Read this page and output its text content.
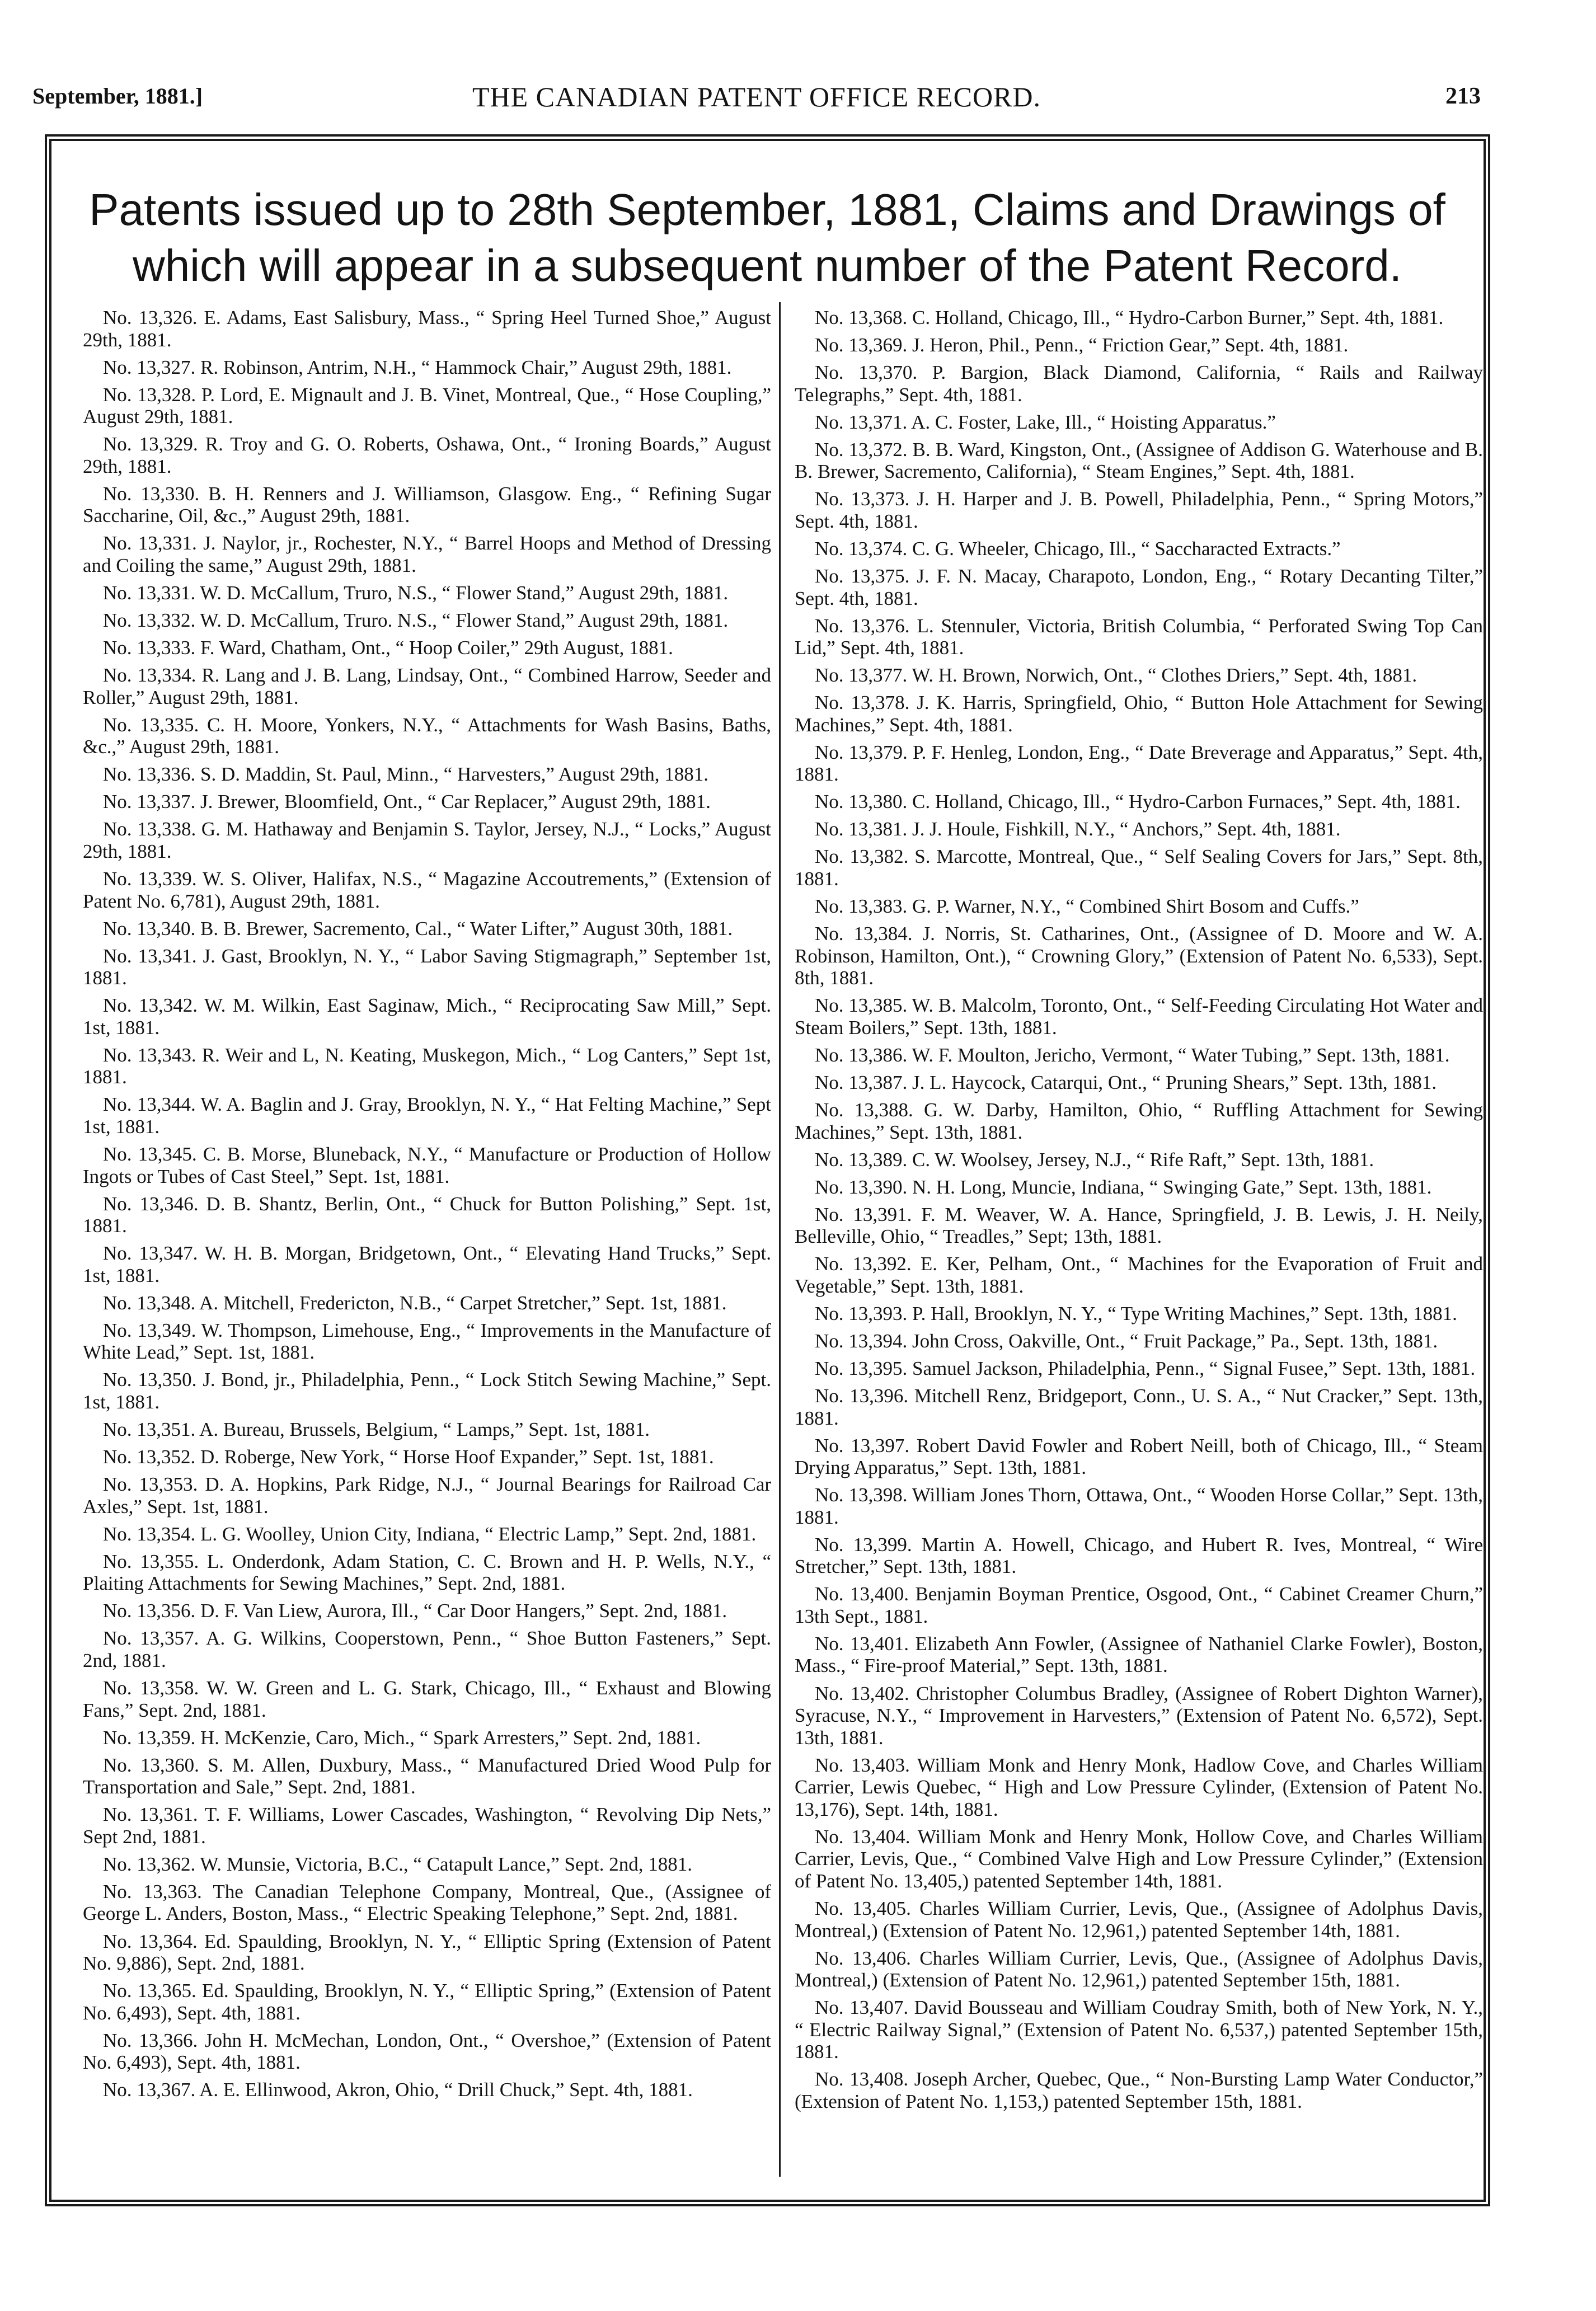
September, 1881.]	THE CANADIAN PATENT OFFICE RECORD.	213
Patents issued up to 28th September, 1881, Claims and Drawings of
which will appear in a subsequent number of the Patent Record.

No. 13,326. E. Adams, East Salisbury, Mass., “ Spring Heel Turned Shoe,” August 29th, 1881.

No. 13,327. R. Robinson, Antrim, N.H., “ Hammock Chair,” August 29th, 1881.

No. 13,328. P. Lord, E. Mignault and J. B. Vinet, Montreal, Que., “ Hose Coupling,” August 29th, 1881.

No. 13,329. R. Troy and G. O. Roberts, Oshawa, Ont., “ Ironing Boards,” August 29th, 1881.

No. 13,330. B. H. Renners and J. Williamson, Glasgow. Eng., “ Refining Sugar Saccharine, Oil, &c.,” August 29th, 1881.

No. 13,331. J. Naylor, jr., Rochester, N.Y., “ Barrel Hoops and Method of Dressing and Coiling the same,” August 29th, 1881.

No. 13,331. W. D. McCallum, Truro, N.S., “ Flower Stand,” August 29th, 1881.

No. 13,332. W. D. McCallum, Truro. N.S., “ Flower Stand,” August 29th, 1881.

No. 13,333. F. Ward, Chatham, Ont., “ Hoop Coiler,” 29th August, 1881.

No. 13,334. R. Lang and J. B. Lang, Lindsay, Ont., “ Combined Harrow, Seeder and Roller,” August 29th, 1881.

No. 13,335. C. H. Moore, Yonkers, N.Y., “ Attachments for Wash Basins, Baths, &c.,” August 29th, 1881.

No. 13,336. S. D. Maddin, St. Paul, Minn., “ Harvesters,” August 29th, 1881.

No. 13,337. J. Brewer, Bloomfield, Ont., “ Car Replacer,” August 29th, 1881.

No. 13,338. G. M. Hathaway and Benjamin S. Taylor, Jersey, N.J., “ Locks,” August 29th, 1881.

No. 13,339. W. S. Oliver, Halifax, N.S., “ Magazine Accoutrements,” (Extension of Patent No. 6,781), August 29th, 1881.

No. 13,340. B. B. Brewer, Sacremento, Cal., “ Water Lifter,” August 30th, 1881.

No. 13,341. J. Gast, Brooklyn, N. Y., “ Labor Saving Stigmagraph,” September 1st, 1881.

No. 13,342. W. M. Wilkin, East Saginaw, Mich., “ Reciprocating Saw Mill,” Sept. 1st, 1881.

No. 13,343. R. Weir and L, N. Keating, Muskegon, Mich., “ Log Canters,” Sept 1st, 1881.

No. 13,344. W. A. Baglin and J. Gray, Brooklyn, N. Y., “ Hat Felting Machine,” Sept 1st, 1881.

No. 13,345. C. B. Morse, Bluneback, N.Y., “ Manufacture or Production of Hollow Ingots or Tubes of Cast Steel,” Sept. 1st, 1881.

No. 13,346. D. B. Shantz, Berlin, Ont., “ Chuck for Button Polishing,” Sept. 1st, 1881.

No. 13,347. W. H. B. Morgan, Bridgetown, Ont., “ Elevating Hand Trucks,” Sept. 1st, 1881.

No. 13,348. A. Mitchell, Fredericton, N.B., “ Carpet Stretcher,” Sept. 1st, 1881.

No. 13,349. W. Thompson, Limehouse, Eng., “ Improvements in the Manufacture of White Lead,” Sept. 1st, 1881.

No. 13,350. J. Bond, jr., Philadelphia, Penn., “ Lock Stitch Sewing Machine,” Sept. 1st, 1881.

No. 13,351. A. Bureau, Brussels, Belgium, “ Lamps,” Sept. 1st, 1881.

No. 13,352. D. Roberge, New York, “ Horse Hoof Expander,” Sept. 1st, 1881.

No. 13,353. D. A. Hopkins, Park Ridge, N.J., “ Journal Bearings for Railroad Car Axles,” Sept. 1st, 1881.

No. 13,354. L. G. Woolley, Union City, Indiana, “ Electric Lamp,” Sept. 2nd, 1881.

No. 13,355. L. Onderdonk, Adam Station, C. C. Brown and H. P. Wells, N.Y., “ Plaiting Attachments for Sewing Machines,” Sept. 2nd, 1881.

No. 13,356. D. F. Van Liew, Aurora, Ill., “ Car Door Hangers,” Sept. 2nd, 1881.

No. 13,357. A. G. Wilkins, Cooperstown, Penn., “ Shoe Button Fasteners,” Sept. 2nd, 1881.

No. 13,358. W. W. Green and L. G. Stark, Chicago, Ill., “ Exhaust and Blowing Fans,” Sept. 2nd, 1881.

No. 13,359. H. McKenzie, Caro, Mich., “ Spark Arresters,” Sept. 2nd, 1881.

No. 13,360. S. M. Allen, Duxbury, Mass., “ Manufactured Dried Wood Pulp for Transportation and Sale,” Sept. 2nd, 1881.

No. 13,361. T. F. Williams, Lower Cascades, Washington, “ Revolving Dip Nets,” Sept 2nd, 1881.

No. 13,362. W. Munsie, Victoria, B.C., “ Catapult Lance,” Sept. 2nd, 1881.

No. 13,363. The Canadian Telephone Company, Montreal, Que., (Assignee of George L. Anders, Boston, Mass., “ Electric Speaking Telephone,” Sept. 2nd, 1881.

No. 13,364. Ed. Spaulding, Brooklyn, N. Y., “ Elliptic Spring (Extension of Patent No. 9,886), Sept. 2nd, 1881.

No. 13,365. Ed. Spaulding, Brooklyn, N. Y., “ Elliptic Spring,” (Extension of Patent No. 6,493), Sept. 4th, 1881.

No. 13,366. John H. McMechan, London, Ont., “ Overshoe,” (Extension of Patent No. 6,493), Sept. 4th, 1881.

No. 13,367. A. E. Ellinwood, Akron, Ohio, “ Drill Chuck,” Sept. 4th, 1881.

No. 13,368. C. Holland, Chicago, Ill., “ Hydro-Carbon Burner,” Sept. 4th, 1881.

No. 13,369. J. Heron, Phil., Penn., “ Friction Gear,” Sept. 4th, 1881.

No. 13,370. P. Bargion, Black Diamond, California, “ Rails and Railway Telegraphs,” Sept. 4th, 1881.

No. 13,371. A. C. Foster, Lake, Ill., “ Hoisting Apparatus.”

No. 13,372. B. B. Ward, Kingston, Ont., (Assignee of Addison G. Waterhouse and B. B. Brewer, Sacremento, California), “ Steam Engines,” Sept. 4th, 1881.

No. 13,373. J. H. Harper and J. B. Powell, Philadelphia, Penn., “ Spring Motors,” Sept. 4th, 1881.

No. 13,374. C. G. Wheeler, Chicago, Ill., “ Saccharacted Extracts.”

No. 13,375. J. F. N. Macay, Charapoto, London, Eng., “ Rotary Decanting Tilter,” Sept. 4th, 1881.

No. 13,376. L. Stennuler, Victoria, British Columbia, “ Perforated Swing Top Can Lid,” Sept. 4th, 1881.

No. 13,377. W. H. Brown, Norwich, Ont., “ Clothes Driers,” Sept. 4th, 1881.

No. 13,378. J. K. Harris, Springfield, Ohio, “ Button Hole Attachment for Sewing Machines,” Sept. 4th, 1881.

No. 13,379. P. F. Henleg, London, Eng., “ Date Breverage and Apparatus,” Sept. 4th, 1881.

No. 13,380. C. Holland, Chicago, Ill., “ Hydro-Carbon Furnaces,” Sept. 4th, 1881.

No. 13,381. J. J. Houle, Fishkill, N.Y., “ Anchors,” Sept. 4th, 1881.

No. 13,382. S. Marcotte, Montreal, Que., “ Self Sealing Covers for Jars,” Sept. 8th, 1881.

No. 13,383. G. P. Warner, N.Y., “ Combined Shirt Bosom and Cuffs.”

No. 13,384. J. Norris, St. Catharines, Ont., (Assignee of D. Moore and W. A. Robinson, Hamilton, Ont.), “ Crowning Glory,” (Extension of Patent No. 6,533), Sept. 8th, 1881.

No. 13,385. W. B. Malcolm, Toronto, Ont., “ Self-Feeding Circulating Hot Water and Steam Boilers,” Sept. 13th, 1881.

No. 13,386. W. F. Moulton, Jericho, Vermont, “ Water Tubing,” Sept. 13th, 1881.

No. 13,387. J. L. Haycock, Catarqui, Ont., “ Pruning Shears,” Sept. 13th, 1881.

No. 13,388. G. W. Darby, Hamilton, Ohio, “ Ruffling Attachment for Sewing Machines,” Sept. 13th, 1881.

No. 13,389. C. W. Woolsey, Jersey, N.J., “ Rife Raft,” Sept. 13th, 1881.

No. 13,390. N. H. Long, Muncie, Indiana, “ Swinging Gate,” Sept. 13th, 1881.

No. 13,391. F. M. Weaver, W. A. Hance, Springfield, J. B. Lewis, J. H. Neily, Belleville, Ohio, “ Treadles,” Sept; 13th, 1881.

No. 13,392. E. Ker, Pelham, Ont., “ Machines for the Evaporation of Fruit and Vegetable,” Sept. 13th, 1881.

No. 13,393. P. Hall, Brooklyn, N. Y., “ Type Writing Machines,” Sept. 13th, 1881.

No. 13,394. John Cross, Oakville, Ont., “ Fruit Package,” Pa., Sept. 13th, 1881.

No. 13,395. Samuel Jackson, Philadelphia, Penn., “ Signal Fusee,” Sept. 13th, 1881.

No. 13,396. Mitchell Renz, Bridgeport, Conn., U. S. A., “ Nut Cracker,” Sept. 13th, 1881.

No. 13,397. Robert David Fowler and Robert Neill, both of Chicago, Ill., “ Steam Drying Apparatus,” Sept. 13th, 1881.

No. 13,398. William Jones Thorn, Ottawa, Ont., “ Wooden Horse Collar,” Sept. 13th, 1881.

No. 13,399. Martin A. Howell, Chicago, and Hubert R. Ives, Montreal, “ Wire Stretcher,” Sept. 13th, 1881.

No. 13,400. Benjamin Boyman Prentice, Osgood, Ont., “ Cabinet Creamer Churn,” 13th Sept., 1881.

No. 13,401. Elizabeth Ann Fowler, (Assignee of Nathaniel Clarke Fowler), Boston, Mass., “ Fire-proof Material,” Sept. 13th, 1881.

No. 13,402. Christopher Columbus Bradley, (Assignee of Robert Dighton Warner), Syracuse, N.Y., “ Improvement in Harvesters,” (Extension of Patent No. 6,572), Sept. 13th, 1881.

No. 13,403. William Monk and Henry Monk, Hadlow Cove, and Charles William Carrier, Lewis Quebec, “ High and Low Pressure Cylinder, (Extension of Patent No. 13,176), Sept. 14th, 1881.

No. 13,404. William Monk and Henry Monk, Hollow Cove, and Charles William Carrier, Levis, Que., “ Combined Valve High and Low Pressure Cylinder,” (Extension of Patent No. 13,405,) patented September 14th, 1881.

No. 13,405. Charles William Currier, Levis, Que., (Assignee of Adolphus Davis, Montreal,) (Extension of Patent No. 12,961,) patented September 14th, 1881.

No. 13,406. Charles William Currier, Levis, Que., (Assignee of Adolphus Davis, Montreal,) (Extension of Patent No. 12,961,) patented September 15th, 1881.

No. 13,407. David Bousseau and William Coudray Smith, both of New York, N. Y., “ Electric Railway Signal,” (Extension of Patent No. 6,537,) patented September 15th, 1881.

No. 13,408. Joseph Archer, Quebec, Que., “ Non-Bursting Lamp Water Conductor,” (Extension of Patent No. 1,153,) patented September 15th, 1881.
